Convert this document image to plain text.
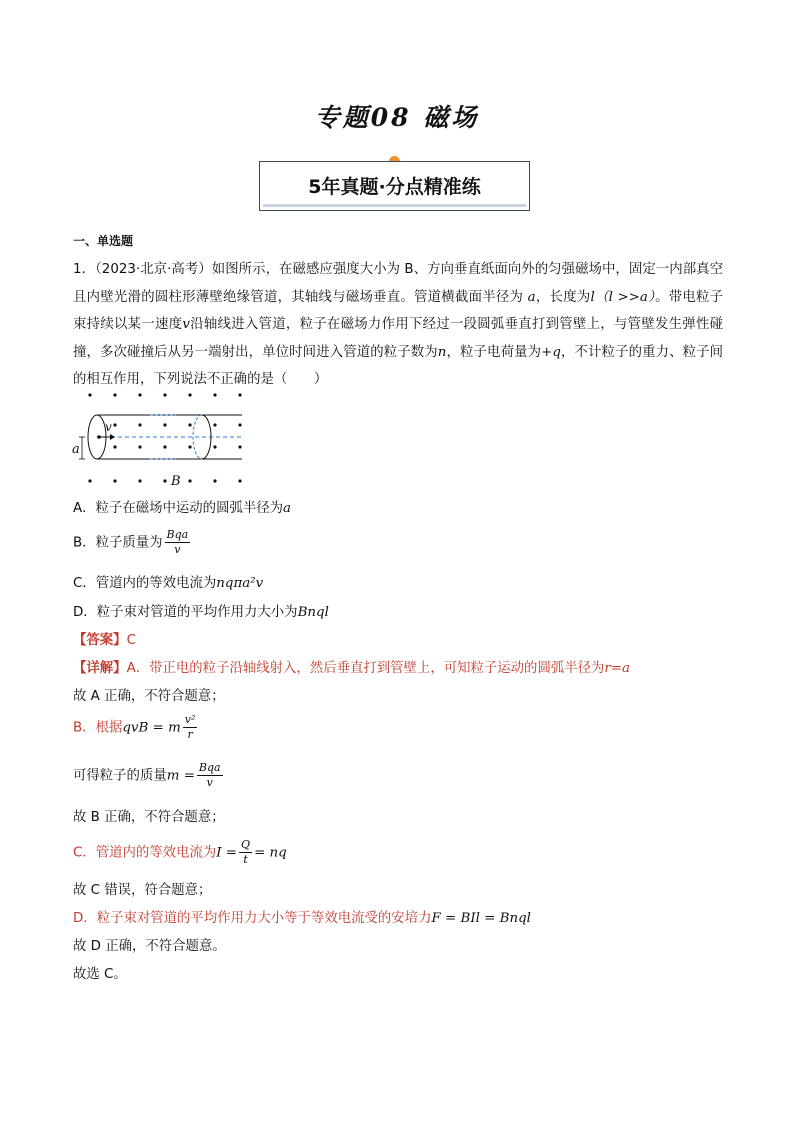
专题08 磁场
5年真题·分点精准练
一、单选题
1．（2023·北京·高考）如图所示，在磁感应强度大小为 B、方向垂直纸面向外的匀强磁场中，固定一内部真空且内壁光滑的圆柱形薄壁绝缘管道，其轴线与磁场垂直。管道横截面半径为 a，长度为l（l >>a）。带电粒子束持续以某一速度v沿轴线进入管道，粒子在磁场力作用下经过一段圆弧垂直打到管壁上，与管壁发生弹性碰撞，多次碰撞后从另一端射出，单位时间进入管道的粒子数为n，粒子电荷量为+q，不计粒子的重力、粒子间的相互作用，下列说法不正确的是（　　）
v
a
B
A．粒子在磁场中运动的圆弧半径为a
B．粒子质量为 $\frac{\text{Bqa}}{v}$
C．管道内的等效电流为nqπa²v
D．粒子束对管道的平均作用力大小为Bnql
【答案】C
【详解】A．带正电的粒子沿轴线射入，然后垂直打到管壁上，可知粒子运动的圆弧半径为r=a
故 A 正确，不符合题意；
B．根据qvB = m $\frac{\text{v²}}{r}$
可得粒子的质量$m = \frac{\text{Bqa}}{v}$
故 B 正确，不符合题意；
C．管道内的等效电流为$I = \frac{Q}{t}$ = nq
故 C 错误，符合题意；
D．粒子束对管道的平均作用力大小等于等效电流受的安培力F = BIl = Bnql
故 D 正确，不符合题意。
故选 C。
